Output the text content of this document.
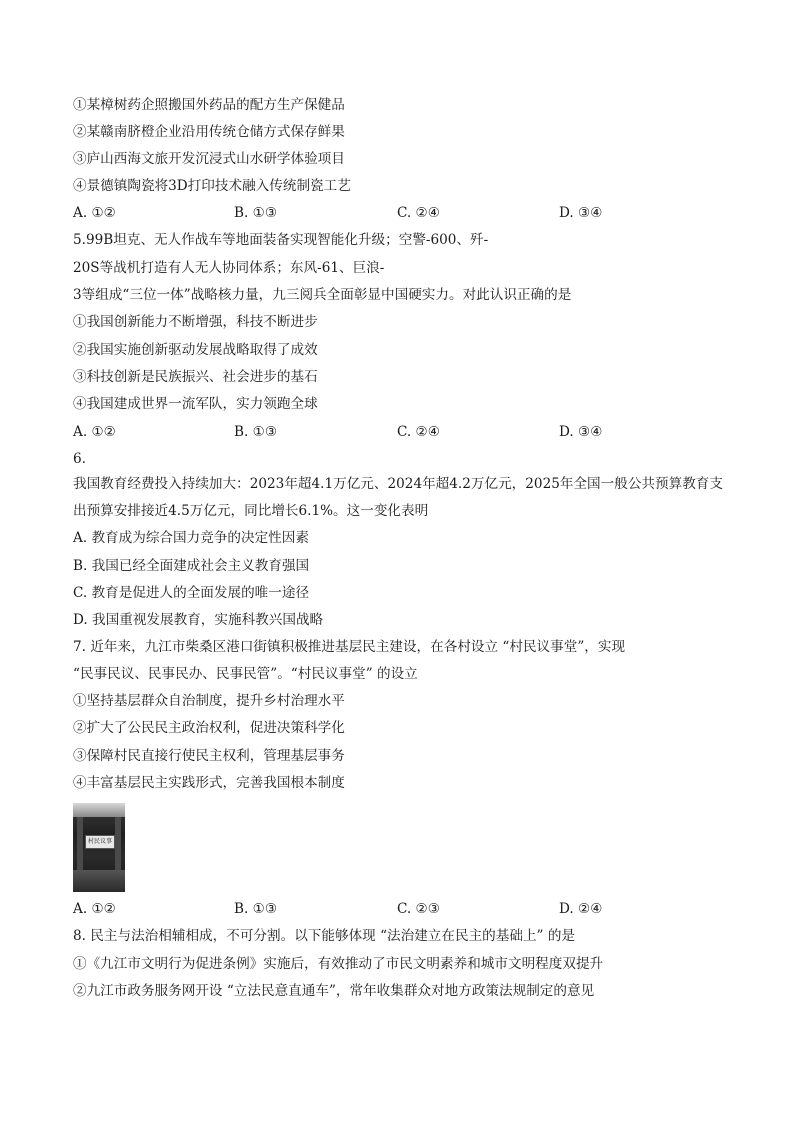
①某樟树药企照搬国外药品的配方生产保健品
②某赣南脐橙企业沿用传统仓储方式保存鲜果
③庐山西海文旅开发沉浸式山水研学体验项目
④景德镇陶瓷将3D打印技术融入传统制瓷工艺
A. ①②	B. ①③	C. ②④	D. ③④
5.99B坦克、无人作战车等地面装备实现智能化升级；空警-600、歼-
20S等战机打造有人无人协同体系；东风-61、巨浪-
3等组成“三位一体”战略核力量，九三阅兵全面彰显中国硬实力。对此认识正确的是
①我国创新能力不断增强，科技不断进步
②我国实施创新驱动发展战略取得了成效
③科技创新是民族振兴、社会进步的基石
④我国建成世界一流军队，实力领跑全球
A. ①②	B. ①③	C. ②④	D. ③④
6.
我国教育经费投入持续加大：2023年超4.1万亿元、2024年超4.2万亿元，2025年全国一般公共预算教育支
出预算安排接近4.5万亿元，同比增长6.1%。这一变化表明
A. 教育成为综合国力竞争的决定性因素
B. 我国已经全面建成社会主义教育强国
C. 教育是促进人的全面发展的唯一途径
D. 我国重视发展教育，实施科教兴国战略
7. 近年来，九江市柴桑区港口街镇积极推进基层民主建设，在各村设立 “村民议事堂”，实现
“民事民议、民事民办、民事民管”。“村民议事堂” 的设立
①坚持基层群众自治制度，提升乡村治理水平
②扩大了公民民主政治权利，促进决策科学化
③保障村民直接行使民主权利，管理基层事务
④丰富基层民主实践形式，完善我国根本制度
村民议事
A. ①②	B. ①③	C. ②③	D. ②④
8. 民主与法治相辅相成，不可分割。以下能够体现 “法治建立在民主的基础上” 的是
①《九江市文明行为促进条例》实施后，有效推动了市民文明素养和城市文明程度双提升
②九江市政务服务网开设 “立法民意直通车”，常年收集群众对地方政策法规制定的意见
